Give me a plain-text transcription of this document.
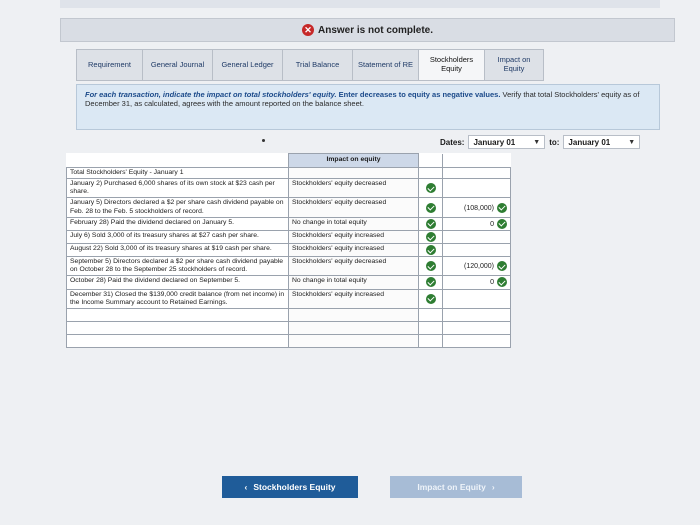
✕ Answer is not complete.
Requirement	General Journal General Ledger	Trial Balance Statement of RE	Stockholders Equity
Impact on Equity
For each transaction, indicate the impact on total stockholders' equity. Enter decreases to equity as negative values. Verify that total Stockholders' equity as of December 31, as calculated, agrees with the amount reported on the balance sheet.
Dates: January 01	▼ to: January 01	▼
	Impact on equity		
Total Stockholders' Equity - January 1			
January 2) Purchased 6,000 shares of its own stock at $23 cash per share.	Stockholders' equity decreased		
January 5) Directors declared a $2 per share cash dividend payable on Feb. 28 to the Feb. 5 stockholders of record.	Stockholders' equity decreased		(108,000)
February 28) Paid the dividend declared on January 5.	No change in total equity		0
July 6) Sold 3,000 of its treasury shares at $27 cash per share.	Stockholders' equity increased		
August 22) Sold 3,000 of its treasury shares at $19 cash per share.	Stockholders' equity increased		
September 5) Directors declared a $2 per share cash dividend payable on October 28 to the September 25 stockholders of record.	Stockholders' equity decreased		(120,000)
October 28) Paid the dividend declared on September 5.	No change in total equity		0
December 31) Closed the $139,000 credit balance (from net income) in the Income Summary account to Retained Earnings.	Stockholders' equity increased		

‹ Stockholders Equity	Impact on Equity ›
